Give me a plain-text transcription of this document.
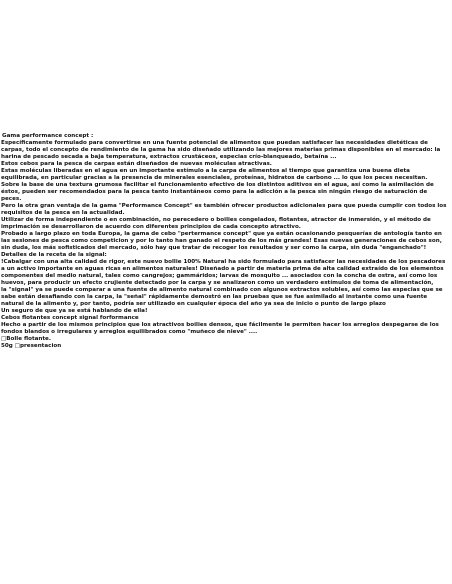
Gama performance concept :

Específicamente formulado para convertirse en una fuente potencial de alimentos que puedan satisfacer las necesidades dietéticas de carpas, todo el concepto de rendimiento de la gama ha sido diseñado utilizando las mejores materias primas disponibles en el mercado: la harina de pescado secada a baja temperatura, extractos crustáceos, especias crío-blanqueado, betaína ...

Estos cebos para la pesca de carpas están diseñados de nuevas moléculas atractivas.

Estas moléculas liberadas en el agua en un importante estímulo a la carpa de alimentos al tiempo que garantiza una buena dieta equilibrada, en particular gracias a la presencia de minerales esenciales, proteínas, hidratos de carbono ... lo que los peces necesitan.

Sobre la base de una textura grumosa facilitar el funcionamiento efectivo de los distintos aditivos en el agua, así como la asimilación de éstos, pueden ser recomendados para la pesca tanto instantáneos como para la adicción a la pesca sin ningún riesgo de saturación de peces.

Pero la otra gran ventaja de la gama "Performance Concept" es también ofrecer productos adicionales para que pueda cumplir con todos los requisitos de la pesca en la actualidad.

Utilizar de forma independiente o en combinación, no perecedero o boilies congelados, flotantes, atractor de inmersión, y el método de imprimación se desarrollaron de acuerdo con diferentes principios de cada concepto atractivo.

Probado a largo plazo en toda Europa, la gama de cebo "pertermance concept" que ya están ocasionando pesquerías de antología tanto en las sesiones de pesca como competicion y por lo tanto han ganado el respeto de los más grandes! Esas nuevas generaciones de cebos son, sin duda, los más sofisticados del mercado, sólo hay que tratar de recoger los resultados y ser como la carpa, sin duda "enganchado"!

Detalles de la receta de la signal:

!Cabalgar con una alta calidad de rigor, este nuevo bollie 100% Natural ha sido formulado para satisfacer las necesidades de los pescadores a un activo importante en aguas ricas en alimentos naturales! Diseñado a partir de materia prima de alta calidad extraído de los elementos componentes del medio natural, tales como cangrejos; gammáridos; larvas de mosquito ... asociados con la concha de ostra, así como los huevos, para producir un efecto crujiente detectado por la carpa y se analizaron como un verdadero estímulos de toma de alimentación,

la "signal" ya se puede comparar a una fuente de alimento natural combinado con algunos extractos solubles, así como las especias que se sabe están desafiando con la carpa, la "señal" rápidamente demostró en las pruebas que se fue asimilado al instante como una fuente natural de la alimento y, por tanto, podría ser utilizado en cualquier época del año ya sea de inicio o punto de largo plazo

Un seguro de que ya se está hablando de ella!

Cebos flotantes concept signal forformance

Hecho a partir de los mismos principios que los atractivos boilies densos, que fácilmente le permiten hacer los arreglos despegarse de los fondos blandos o irregulares y arreglos equilibrados como "muñeco de nieve" ....

□Bolle flotante.

50g □presentacion
